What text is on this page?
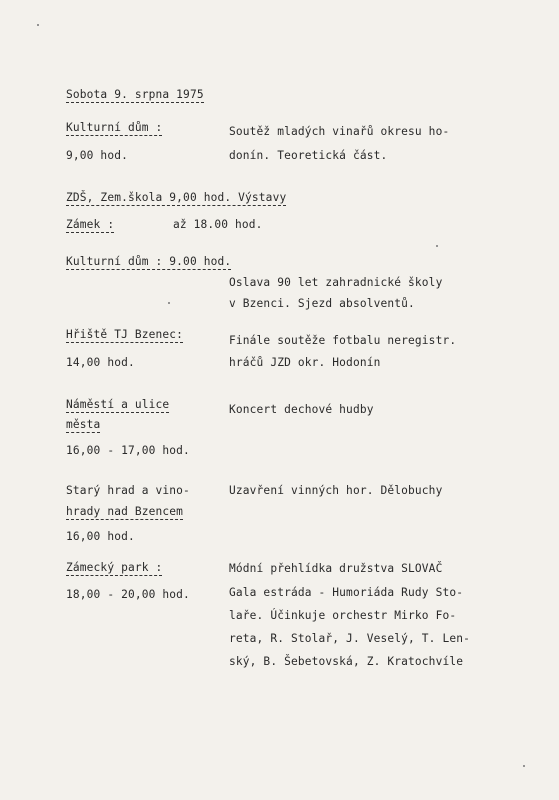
Sobota 9. srpna 1975
Kulturní dům :
9,00 hod.
Soutěž mladých vinařů okresu ho-
donín. Teoretická část.
ZDŠ, Zem.škola 9,00 hod. Výstavy
Zámek :	až 18.00 hod.
Kulturní dům : 9.00 hod.
Oslava 90 let zahradnické školy
v Bzenci. Sjezd absolventů.
Hřiště TJ Bzenec:
14,00 hod.
Finále soutěže fotbalu neregistr.
hráčů JZD okr. Hodonín
Náměstí a ulice
města
16,00 - 17,00 hod.
Koncert dechové hudby
Starý hrad a vino-
hrady nad Bzencem
16,00 hod.
Uzavření vinných hor. Dělobuchy
Zámecký park :
18,00 - 20,00 hod.
Módní přehlídka družstva SLOVAČ
Gala estráda - Humoriáda Rudy Sto-
laře. Účinkuje orchestr Mirko Fo-
reta, R. Stolař, J. Veselý, T. Len-
ský, B. Šebetovská, Z. Kratochvíle
